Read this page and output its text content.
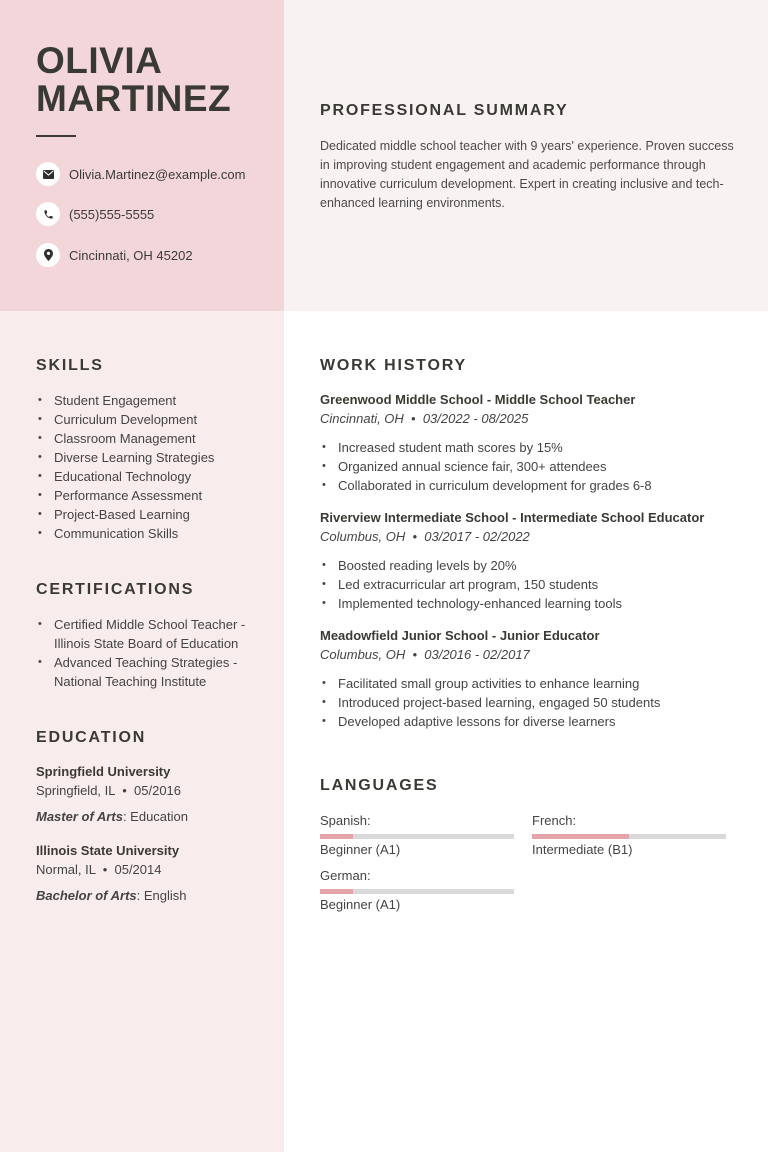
OLIVIA
MARTINEZ
Olivia.Martinez@example.com
(555)555-5555
Cincinnati, OH 45202
PROFESSIONAL SUMMARY

Dedicated middle school teacher with 9 years' experience. Proven success in improving student engagement and academic performance through innovative curriculum development. Expert in creating inclusive and tech-enhanced learning environments.

SKILLS
• Student Engagement
• Curriculum Development
• Classroom Management
• Diverse Learning Strategies
• Educational Technology
• Performance Assessment
• Project-Based Learning
• Communication Skills
CERTIFICATIONS
• Certified Middle School Teacher - Illinois State Board of Education
• Advanced Teaching Strategies - National Teaching Institute
EDUCATION
Springfield University
Springfield, IL  •  05/2016
Master of Arts: Education
Illinois State University
Normal, IL  •  05/2014
Bachelor of Arts: English
WORK HISTORY
Greenwood Middle School - Middle School Teacher
Cincinnati, OH  •  03/2022 - 08/2025
• Increased student math scores by 15%
• Organized annual science fair, 300+ attendees
• Collaborated in curriculum development for grades 6-8
Riverview Intermediate School - Intermediate School Educator
Columbus, OH  •  03/2017 - 02/2022
• Boosted reading levels by 20%
• Led extracurricular art program, 150 students
• Implemented technology-enhanced learning tools
Meadowfield Junior School - Junior Educator
Columbus, OH  •  03/2016 - 02/2017
• Facilitated small group activities to enhance learning
• Introduced project-based learning, engaged 50 students
• Developed adaptive lessons for diverse learners
LANGUAGES
Spanish:
Beginner (A1)
French:
Intermediate (B1)
German:
Beginner (A1)
